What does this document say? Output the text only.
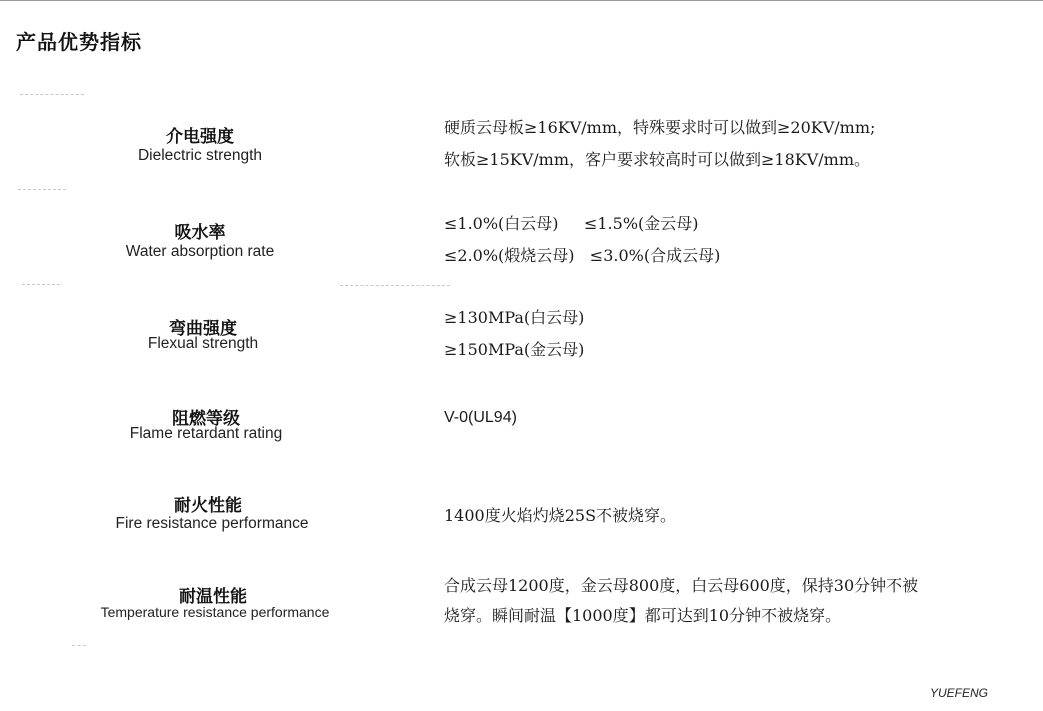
产品优势指标
介电强度
Dielectric strength
硬质云母板≥16KV/mm，特殊要求时可以做到≥20KV/mm;
软板≥15KV/mm，客户要求较高时可以做到≥18KV/mm。
吸水率
Water absorption rate
≤1.0%(白云母)     ≤1.5%(金云母)
≤2.0%(煅烧云母)   ≤3.0%(合成云母)
弯曲强度
Flexual strength
≥130MPa(白云母)
≥150MPa(金云母)
阻燃等级
Flame retardant rating
V-0(UL94)
耐火性能
Fire resistance performance	1400度火焰灼烧25S不被烧穿。
耐温性能
Temperature resistance performance
合成云母1200度，金云母800度，白云母600度，保持30分钟不被
烧穿。瞬间耐温【1000度】都可达到10分钟不被烧穿。
YUEFENG
